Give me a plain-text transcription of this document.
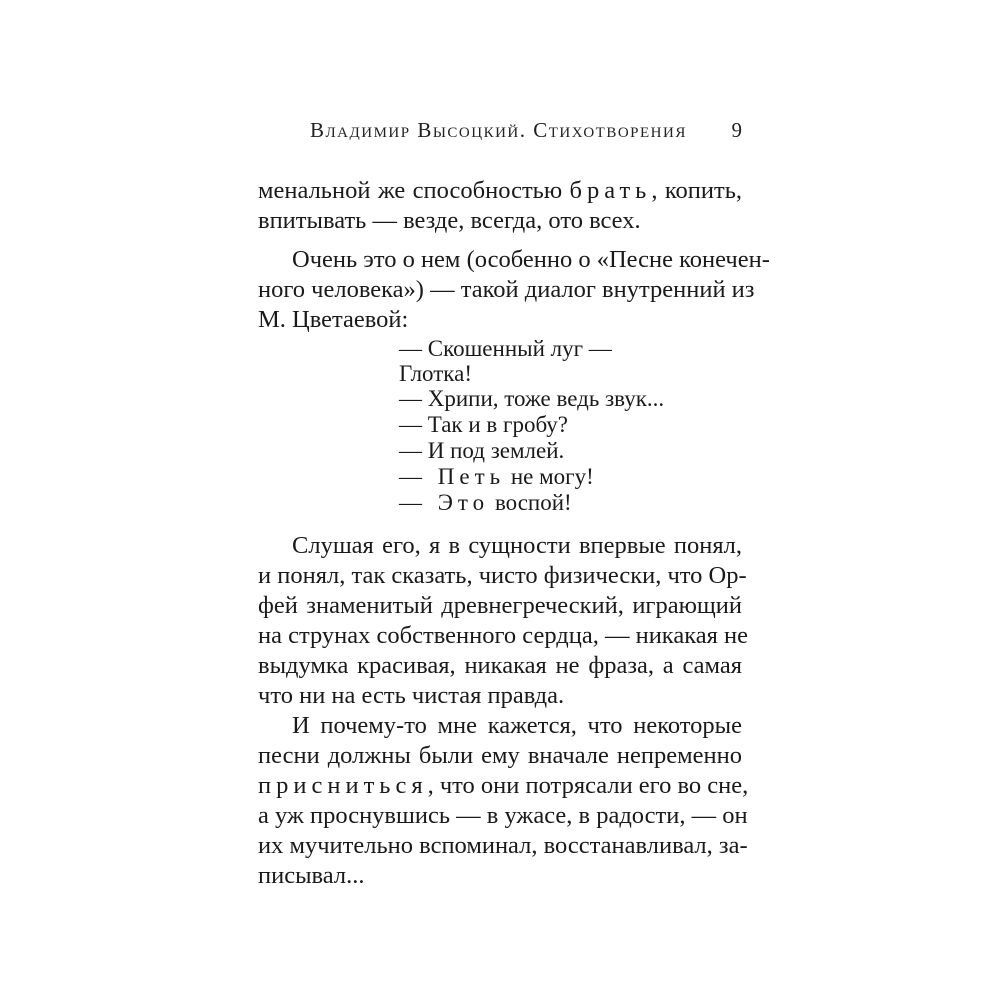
Владимир Высоцкий. Стихотворения 9
менальной же способностью брать, копить,
впитывать — везде, всегда, ото всех.
Очень это о нем (особенно о «Песне конечен-
ного человека») — такой диалог внутренний из
М. Цветаевой:
— Скошенный луг —
Глотка!
— Хрипи, тоже ведь звук...
— Так и в гробу?
— И под землей.
— Петь не могу!
— Это воспой!
Слушая его, я в сущности впервые понял,
и понял, так сказать, чисто физически, что Ор-
фей знаменитый древнегреческий, играющий
на струнах собственного сердца, — никакая не
выдумка красивая, никакая не фраза, а самая
что ни на есть чистая правда.
И почему-то мне кажется, что некоторые
песни должны были ему вначале непременно
присниться, что они потрясали его во сне,
а уж проснувшись — в ужасе, в радости, — он
их мучительно вспоминал, восстанавливал, за-
писывал...
